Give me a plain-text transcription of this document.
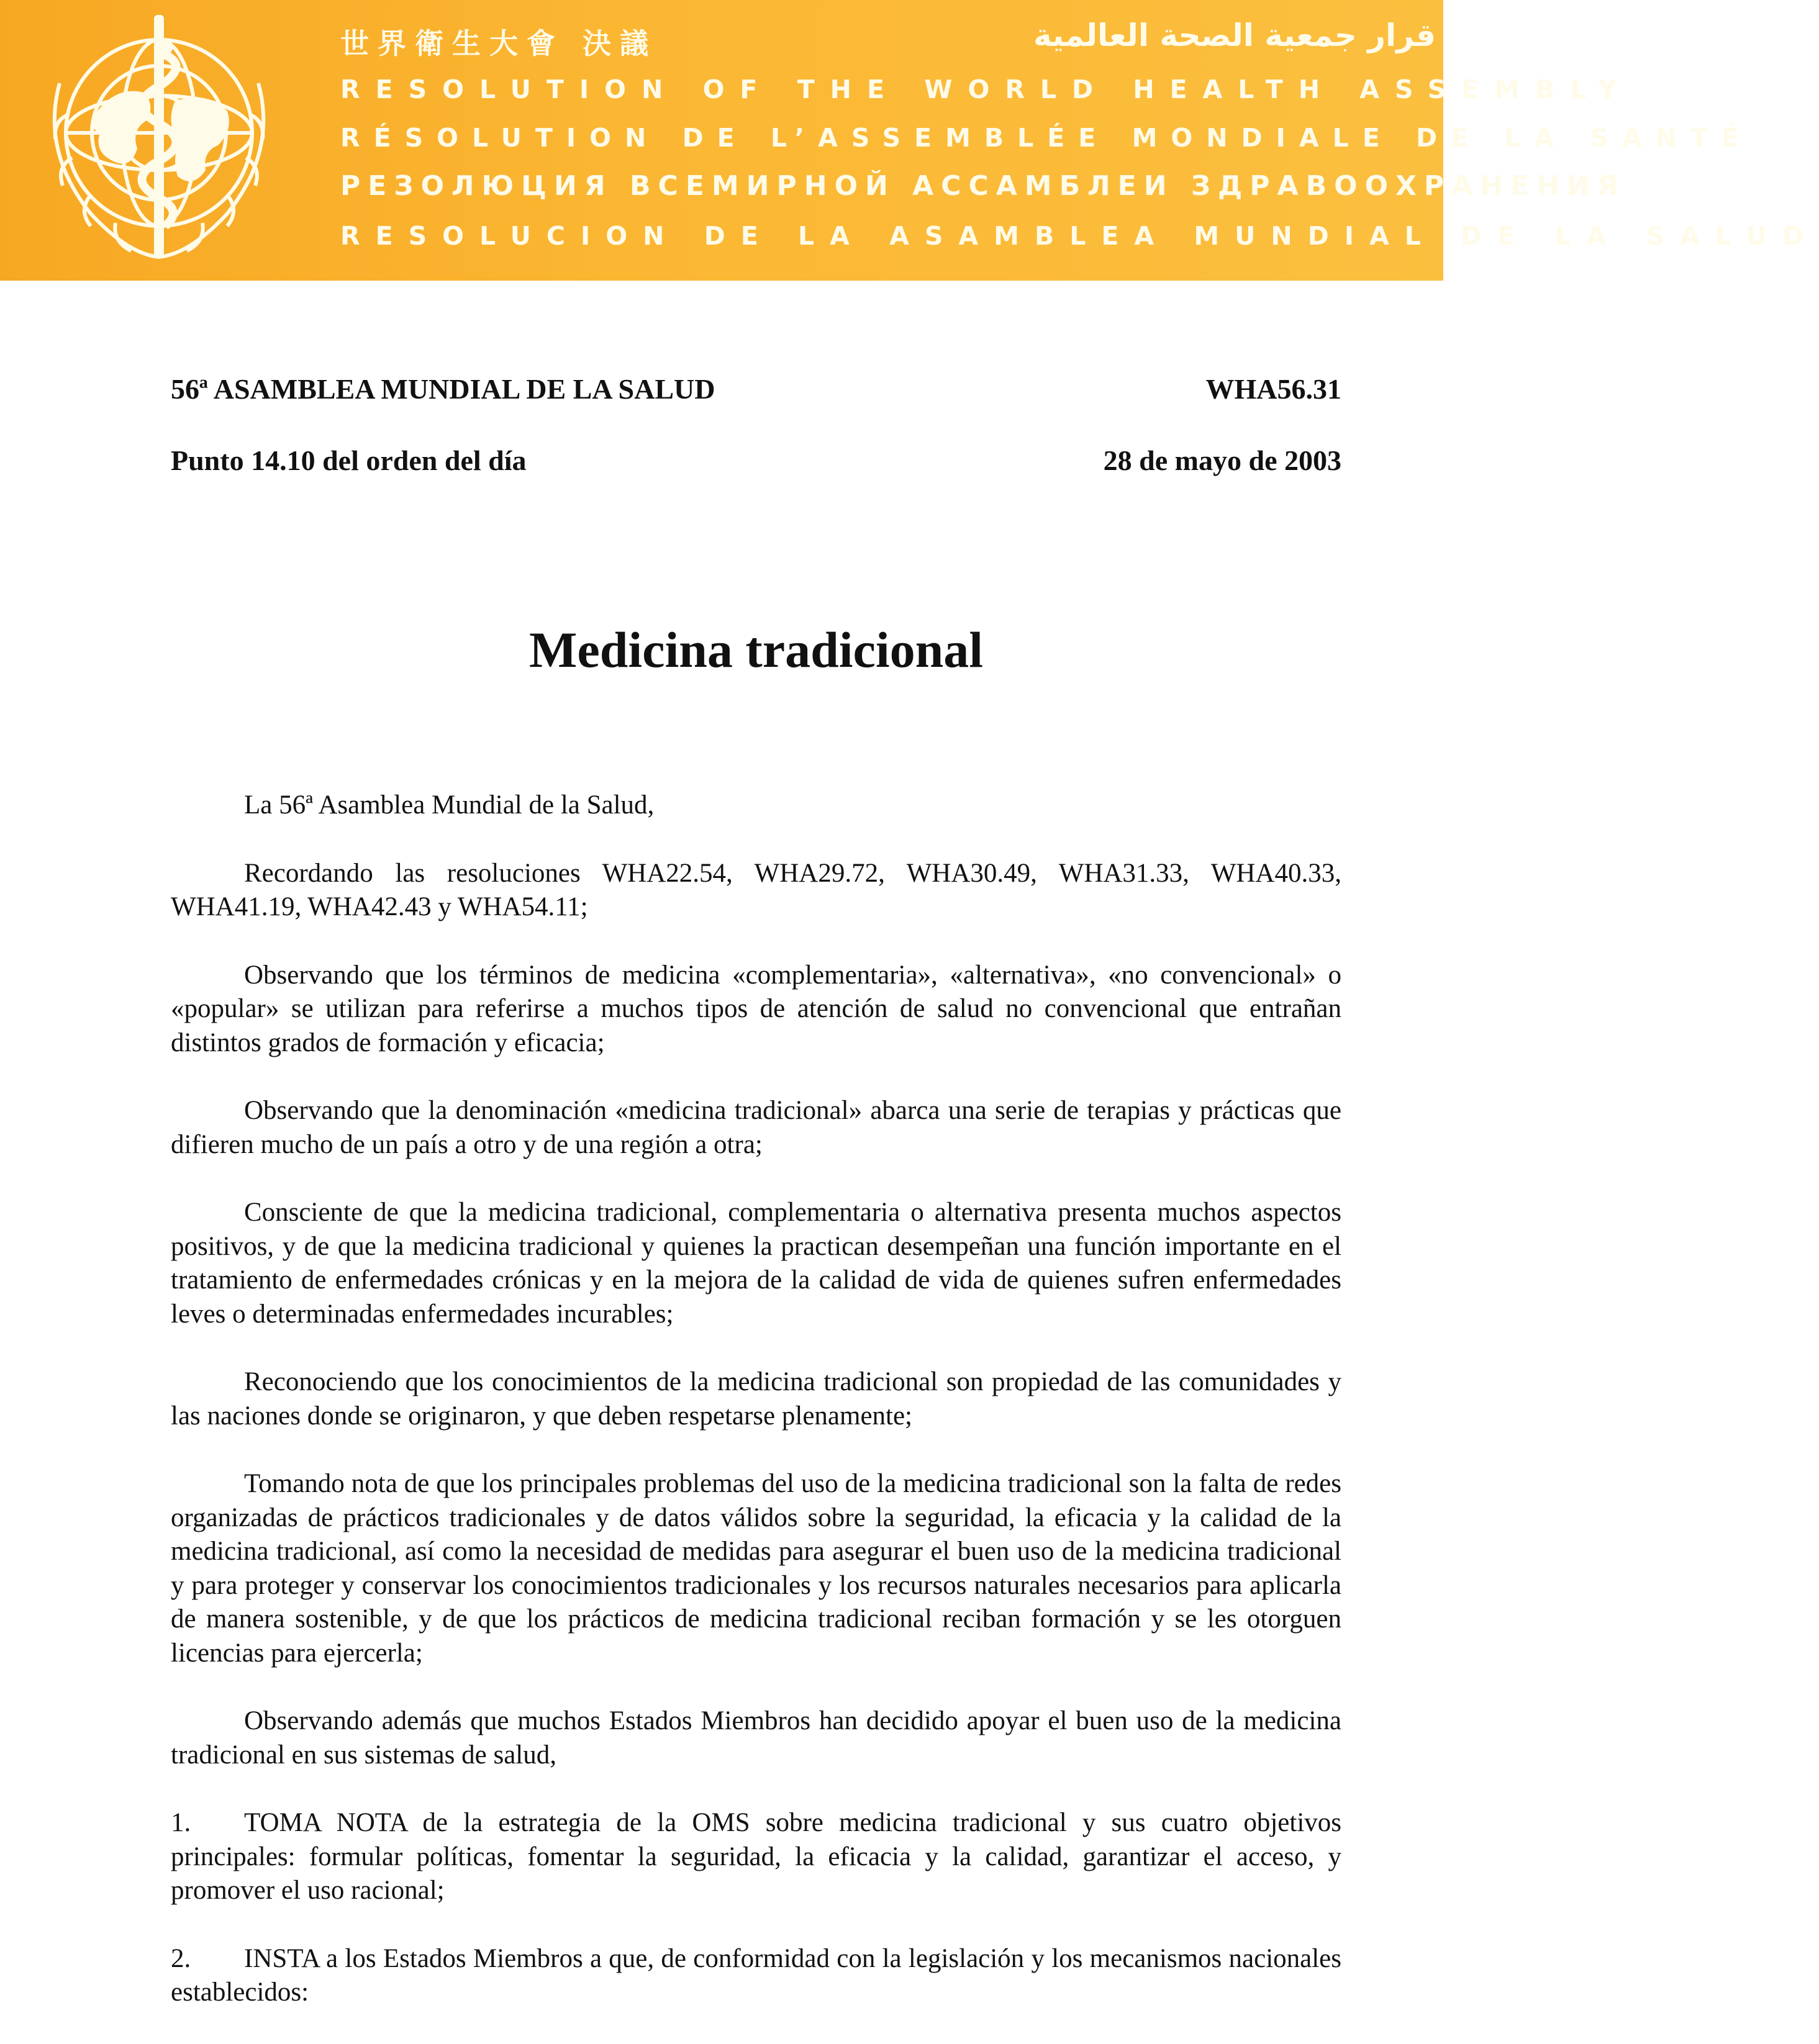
世界衛生大會 決議	قرار جمعية الصحة العالمية
RESOLUTION OF THE WORLD HEALTH ASSEMBLY
RÉSOLUTION DE L’ASSEMBLÉE MONDIALE DE LA SANTÉ
РЕЗОЛЮЦИЯ ВСЕМИРНОЙ АССАМБЛЕИ ЗДРАВООХРАНЕНИЯ
RESOLUCION DE LA ASAMBLEA MUNDIAL DE LA SALUD
56ª ASAMBLEA MUNDIAL DE LA SALUD	WHA56.31
Punto 14.10 del orden del día	28 de mayo de 2003
Medicina tradicional

La 56ª Asamblea Mundial de la Salud,

Recordando las resoluciones WHA22.54, WHA29.72, WHA30.49, WHA31.33, WHA40.33, WHA41.19, WHA42.43 y WHA54.11;

Observando que los términos de medicina «complementaria», «alternativa», «no convencional» o «popular» se utilizan para referirse a muchos tipos de atención de salud no convencional que entrañan distintos grados de formación y eficacia;

Observando que la denominación «medicina tradicional» abarca una serie de terapias y prácticas que difieren mucho de un país a otro y de una región a otra;

Consciente de que la medicina tradicional, complementaria o alternativa presenta muchos aspectos positivos, y de que la medicina tradicional y quienes la practican desempeñan una función importante en el tratamiento de enfermedades crónicas y en la mejora de la calidad de vida de quienes sufren enfermedades leves o determinadas enfermedades incurables;

Reconociendo que los conocimientos de la medicina tradicional son propiedad de las comunidades y las naciones donde se originaron, y que deben respetarse plenamente;

Tomando nota de que los principales problemas del uso de la medicina tradicional son la falta de redes organizadas de prácticos tradicionales y de datos válidos sobre la seguridad, la eficacia y la calidad de la medicina tradicional, así como la necesidad de medidas para asegurar el buen uso de la medicina tradicional y para proteger y conservar los conocimientos tradicionales y los recursos naturales necesarios para aplicarla de manera sostenible, y de que los prácticos de medicina tradicional reciban formación y se les otorguen licencias para ejercerla;

Observando además que muchos Estados Miembros han decidido apoyar el buen uso de la medicina tradicional en sus sistemas de salud,

1. TOMA NOTA de la estrategia de la OMS sobre medicina tradicional y sus cuatro objetivos principales: formular políticas, fomentar la seguridad, la eficacia y la calidad, garantizar el acceso, y promover el uso racional;

2. INSTA a los Estados Miembros a que, de conformidad con la legislación y los mecanismos nacionales establecidos:
